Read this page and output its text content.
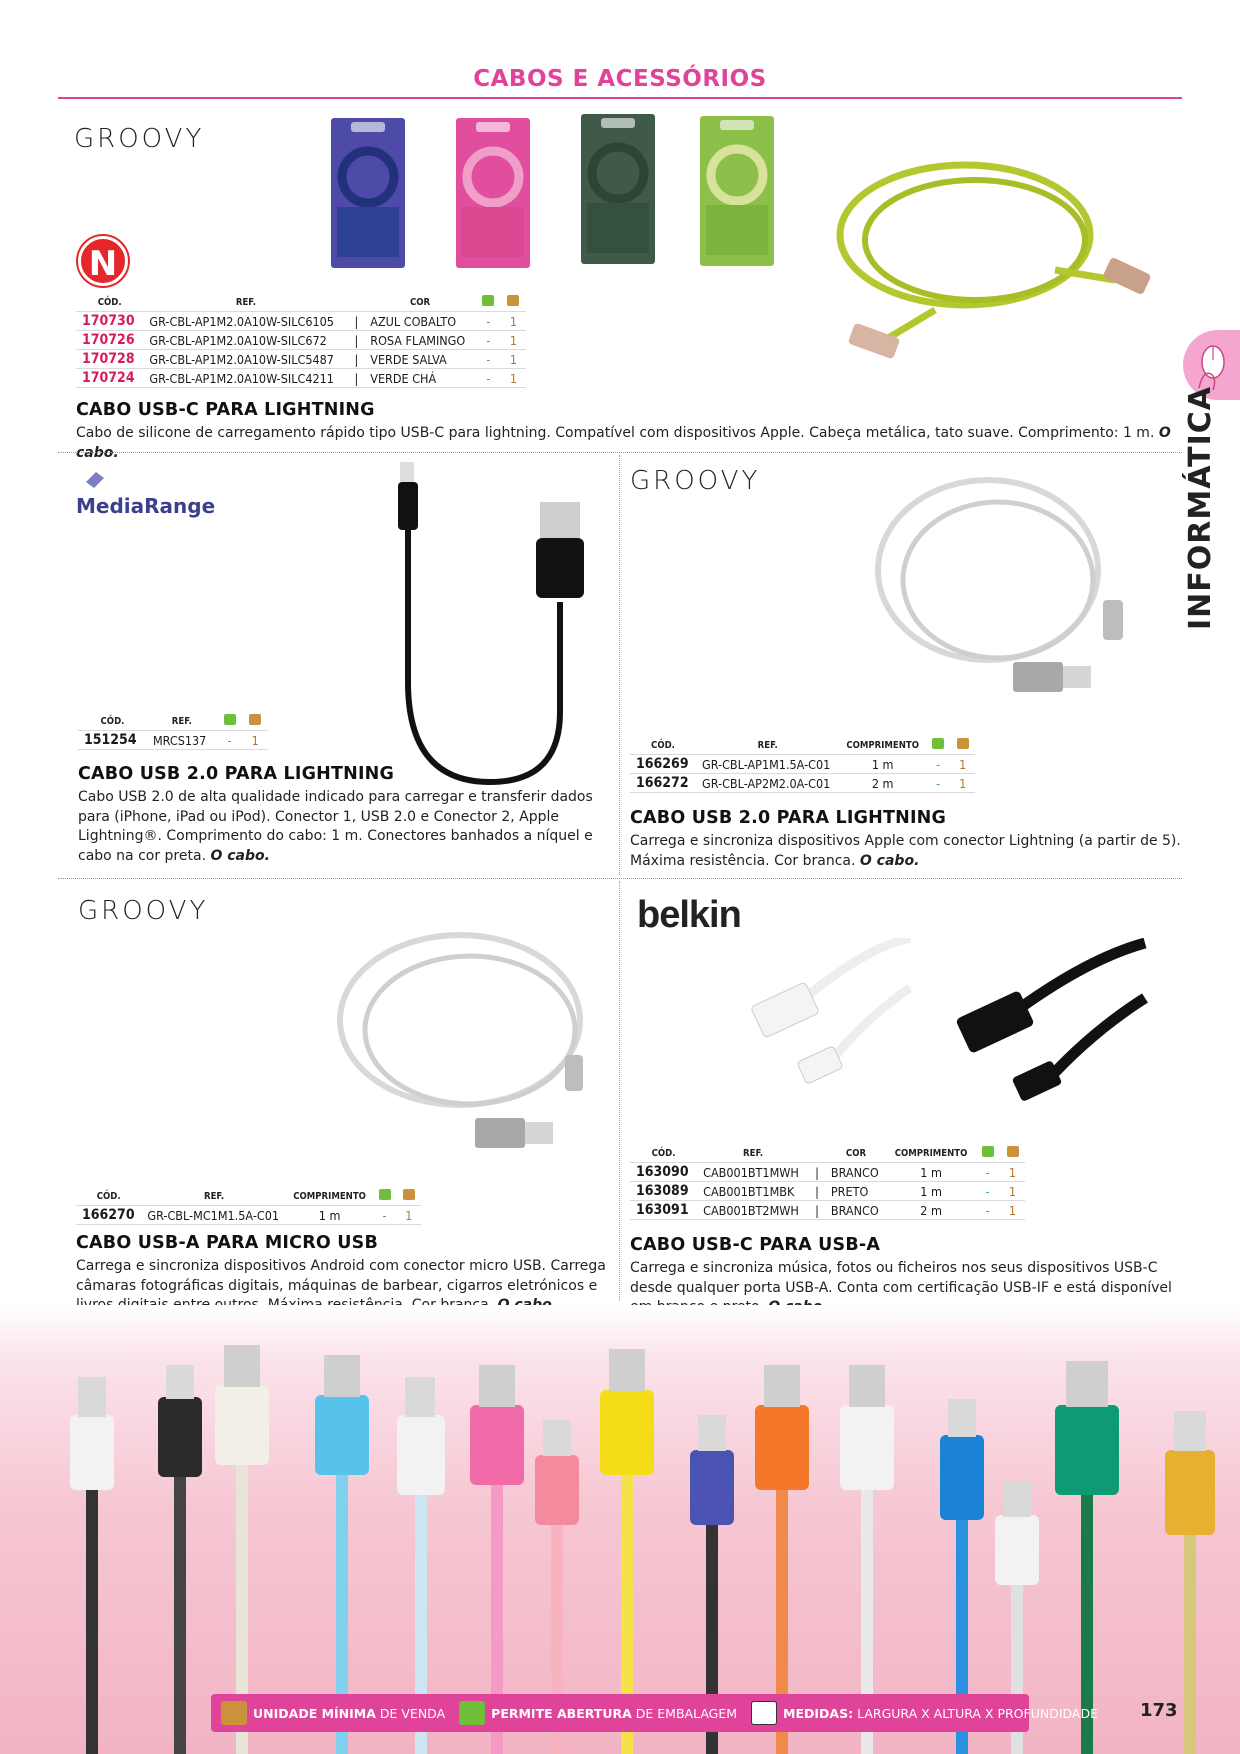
CABOS E ACESSÓRIOS
INFORMÁTICA
GROOVY
N
CÓD.	REF.		COR		
170730	GR-CBL-AP1M2.0A10W-SILC6105	|	AZUL COBALTO	-	1
170726	GR-CBL-AP1M2.0A10W-SILC672	|	ROSA FLAMINGO	-	1
170728	GR-CBL-AP1M2.0A10W-SILC5487	|	VERDE SALVA	-	1
170724	GR-CBL-AP1M2.0A10W-SILC4211	|	VERDE CHÁ	-	1
CABO USB-C PARA LIGHTNING
Cabo de silicone de carregamento rápido tipo USB-C para lightning. Compatível com dispositivos Apple. Cabeça metálica, tato suave. Comprimento: 1 m. O cabo.
MediaRange
CÓD.	REF.		
151254	MRCS137	-	1
CABO USB 2.0 PARA LIGHTNING
Cabo USB 2.0 de alta qualidade indicado para carregar e transferir dados para (iPhone, iPad ou iPod). Conector 1, USB 2.0 e Conector 2, Apple Lightning®. Comprimento do cabo: 1 m. Conectores banhados a níquel e cabo na cor preta. O cabo.
GROOVY
CÓD.	REF.	COMPRIMENTO		
166269	GR-CBL-AP1M1.5A-C01	1 m	-	1
166272	GR-CBL-AP2M2.0A-C01	2 m	-	1
CABO USB 2.0 PARA LIGHTNING
Carrega e sincroniza dispositivos Apple com conector Lightning (a partir de 5). Máxima resistência. Cor branca. O cabo.
GROOVY
CÓD.	REF.	COMPRIMENTO		
166270	GR-CBL-MC1M1.5A-C01	1 m	-	1
CABO USB-A PARA MICRO USB
Carrega e sincroniza dispositivos Android com conector micro USB. Carrega câmaras fotográficas digitais, máquinas de barbear, cigarros eletrónicos e
belkin
CÓD.	REF.		COR	COMPRIMENTO		
163090	CAB001BT1MWH	|	BRANCO	1 m	-	1
163089	CAB001BT1MBK	|	PRETO	1 m	-	1
163091	CAB001BT2MWH	|	BRANCO	2 m	-	1
CABO USB-C PARA USB-A
Carrega e sincroniza música, fotos ou ficheiros nos seus dispositivos USB-C desde qualquer porta USB-A. Conta com certificação USB-IF e está disponível
UNIDADE MÍNIMA DE VENDA	PERMITE ABERTURA DE EMBALAGEM	MEDIDAS: LARGURA X ALTURA X PROFUNDIDADE 173
